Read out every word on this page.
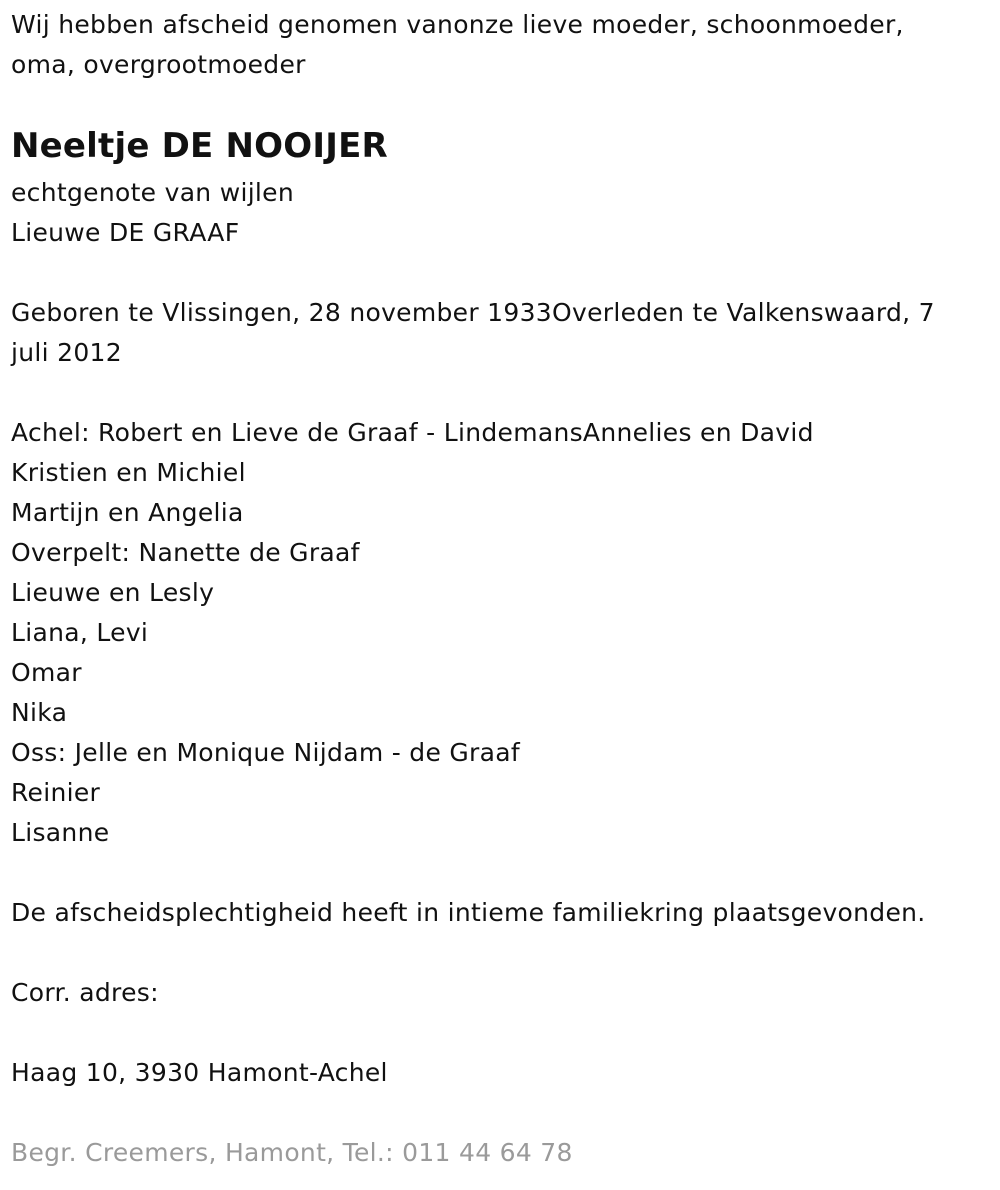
Wij hebben afscheid genomen vanonze lieve moeder, schoonmoeder,
oma, overgrootmoeder
Neeltje DE NOOIJER
echtgenote van wijlen
Lieuwe DE GRAAF
Geboren te Vlissingen, 28 november 1933Overleden te Valkenswaard, 7
juli 2012
Achel: Robert en Lieve de Graaf - LindemansAnnelies en David
Kristien en Michiel
Martijn en Angelia
Overpelt: Nanette de Graaf
Lieuwe en Lesly
Liana, Levi
Omar
Nika
Oss: Jelle en Monique Nijdam - de Graaf
Reinier
Lisanne
De afscheidsplechtigheid heeft in intieme familiekring plaatsgevonden.
Corr. adres:
Haag 10, 3930 Hamont-Achel
Begr. Creemers, Hamont, Tel.: 011 44 64 78
